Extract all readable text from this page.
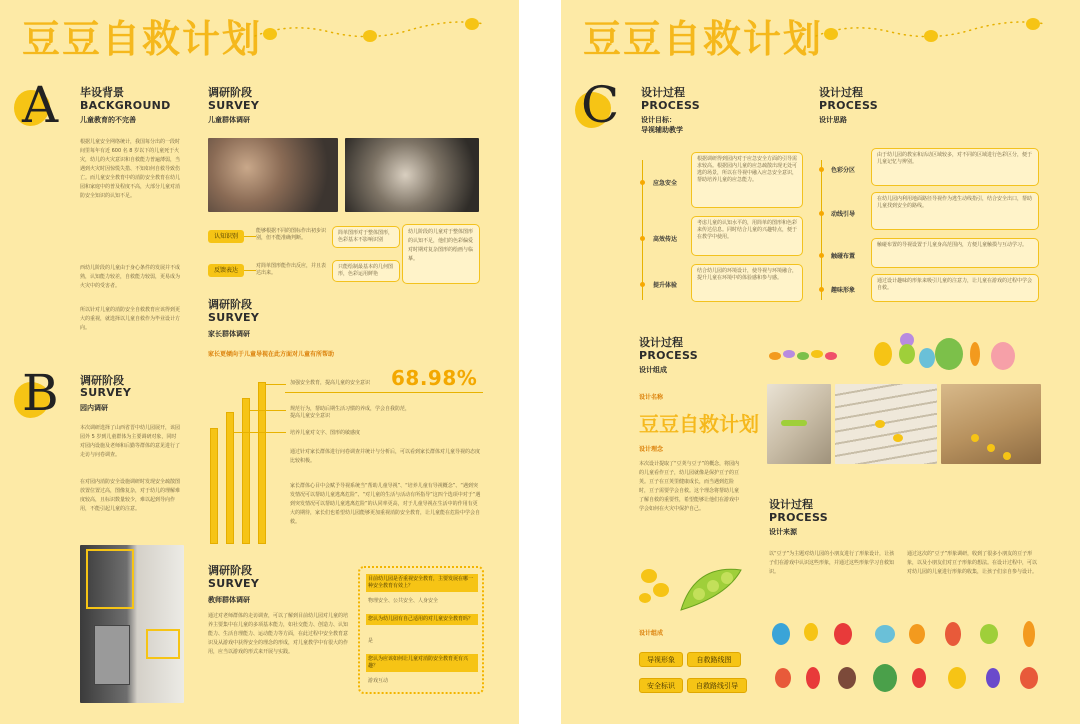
豆豆自救计划
A 毕设背景
BACKGROUND
儿童教育的不完善
根据儿童安全网络统计，我国每分出的一段时间里每年有近 600 名 8 岁以下的儿童死于火灾，幼儿的火灾意识和自救能力普遍薄弱，当遇到火灾时因惊慌失措、不知如何自救导致伤亡。而儿童安全教育中的消防安全教育在幼儿园和家庭中的普及程度不高，大部分儿童对消防安全知识的认知不足。
西幼儿阶段的儿童由于身心条件的发展并不成熟，认知能力较差，自救能力较弱，更易成为火灾中的受害者。
所以针对儿童的消防安全自救教育应该得到更大的重视，就选择以儿童自救作为毕业设计方向。
B 调研阶段
SURVEY
园内调研
本次调研选择了山西省晋中幼儿园展开，该园园外 5 岁到儿童群体为主要调研对象，同时对园内设施及老师和后勤等群体的意见进行了走访与问卷调查。
在对园内消防安全设施调研时发现安全疏散图放置位置过高，图像复杂，对于幼儿的理解难度较高，且标识数量较少，难以起到导向作用，不能引起儿童的注意。
调研阶段
SURVEY
儿童群体调研
认知识别
能够根据不同的图标作出初步识别，但不能准确判断。
简单图形对于整体图形，色彩基本不影响识别
反馈表达
对简单图形能作出反应，并且表达出来。
只能绘制最基本的几何图形，色彩运用鲜艳
幼儿阶段的儿童对于整体图形的认知不足，他们的色彩偏爱对时期对复杂图形的绘画与临摹。
调研阶段
SURVEY
家长群体调研
家长更倾向于儿童导视在此方面对儿童有所帮助
加强安全教育，提高儿童的安全意识	68.98%
规范行为，帮助后期生活习惯的养成，学会自我防范，提高儿童安全意识
培养儿童对文字、图形的敏感度
通过针对家长群体进行问卷调查并统计与分析后，可以看到家长群体对儿童导视的态度比较积极。
家长群体心目中会赋予导视系统当“帮助儿童导视”、“培养儿童有导视概念”、“遇到突发情况可以帮助儿童逃离危险”、“对儿童的生活与活动有所指导”这四个选项中对于“遇到突发情况可以帮助儿童逃离危险”的认同率更高，对于儿童导视在生活中的作用有更大的期待，家长们也希望幼儿园能够更加重视消防安全教育，让儿童能在危险中学会自救。
调研阶段
SURVEY
教师群体调研
通过对老师群体的走访调查，可以了解到目前幼儿园对儿童的培养主要集中在儿童的多项基本能力，如社交能力、创造力、认知能力、生活自理能力、运动能力等方面，在此过程中安全教育意识及从游戏中获得安全的理念的形成，对儿童教学中有很大的作用，应当以游戏的形式来开展与实践。
目前幼儿园是否重视安全教育，主要发展在哪一种安全教育有效上？
物理安全、公共安全、人身安全
您认为幼儿园有自己适用的对儿童安全教育吗？
是
您认为应该如何让儿童对消防安全教育更有兴趣？
游戏互动
豆豆自救计划
C 设计过程
PROCESS
设计目标：
导视辅助教学
应急安全
根据调研得到园内对于应急安全方面的引导需求较高。根据园内儿童的应急疏散出现无处可逃的场景，所以在导视中融入应急安全意识，帮助培养儿童的应急能力。
高效传达
考虑儿童的认知水平的，用简单的图形和色彩来传达信息。同时结合儿童的兴趣特点，便于在教学中使用。
提升体验
结合幼儿园的环境设计，使导视与环境融合，提升儿童在环境中的体验感和参与感。
设计过程
PROCESS
设计思路
色彩分区
由于幼儿园的教室和活动区域较多，对不同的区域进行色彩区分，便于儿童记忆与辨别。
动线引导
在幼儿园内利用地面路径导视作为逃生动线指引，结合安全出口，帮助儿童找到安全的路线。
触碰布置
触碰布置的导视设置于儿童身高范围内，方便儿童触摸与互动学习。
趣味形象
通过设计趣味的形象来吸引儿童的注意力，让儿童在游戏的过程中学会自救。
设计过程
PROCESS
设计组成
设计名称
豆豆自救计划
设计理念
本次设计提取了“豆荚与豆子”的概念，将园内的儿童看作豆子，幼儿园就像是保护豆子的豆荚。豆子在豆荚里健康成长，而当遇到危险时，豆子需要学会自救。这个理念将帮助儿童了解自救的重要性，希望能够让他们在游戏中学会如何在火灾中保护自己。
设计组成
导视形象	自救路线图
安全标识	自救路线引导
设计过程
PROCESS
设计来源
以“豆子”为主题对幼儿园的小朋友进行了形象设计，让孩子们在游戏中认识这些形象，并通过这些形象学习自救知识。
通过这次的“豆子”形象调研，收到了很多小朋友的豆子形象，以及小朋友们对豆子形象的想法。在设计过程中，可以对幼儿园的儿童进行形象的收集，让孩子们亲自参与设计。
